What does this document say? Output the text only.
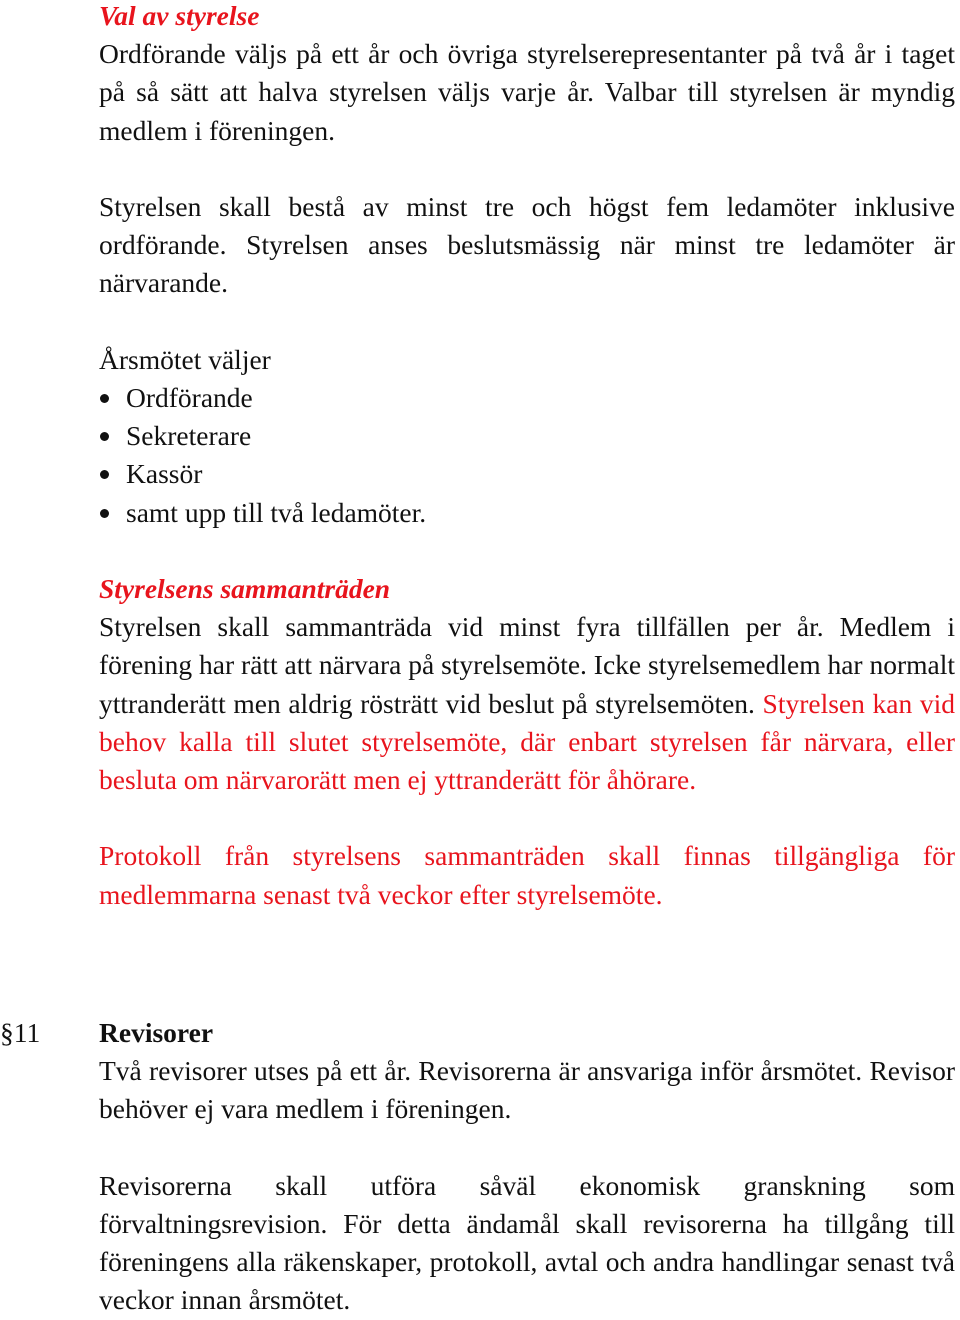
Val av styrelse

Ordförande väljs på ett år och övriga styrelserepresentanter på två år i taget på så sätt att halva styrelsen väljs varje år. Valbar till styrelsen är myndig medlem i föreningen.

Styrelsen skall bestå av minst tre och högst fem ledamöter inklusive ordförande. Styrelsen anses beslutsmässig när minst tre ledamöter är närvarande.

Årsmötet väljer

Ordförande
Sekreterare
Kassör
samt upp till två ledamöter.

Styrelsens sammanträden

Styrelsen skall sammanträda vid minst fyra tillfällen per år. Medlem i förening har rätt att närvara på styrelsemöte. Icke styrelsemedlem har normalt yttranderätt men aldrig rösträtt vid beslut på styrelsemöten. Styrelsen kan vid behov kalla till slutet styrelsemöte, där enbart styrelsen får närvara, eller besluta om närvarorätt men ej yttranderätt för åhörare.

Protokoll från styrelsens sammanträden skall finnas tillgängliga för medlemmarna senast två veckor efter styrelsemöte.

§11 Revisorer

Två revisorer utses på ett år. Revisorerna är ansvariga inför årsmötet. Revisor behöver ej vara medlem i föreningen.

Revisorerna skall utföra såväl ekonomisk granskning som förvaltningsrevision. För detta ändamål skall revisorerna ha tillgång till föreningens alla räkenskaper, protokoll, avtal och andra handlingar senast två veckor innan årsmötet.
